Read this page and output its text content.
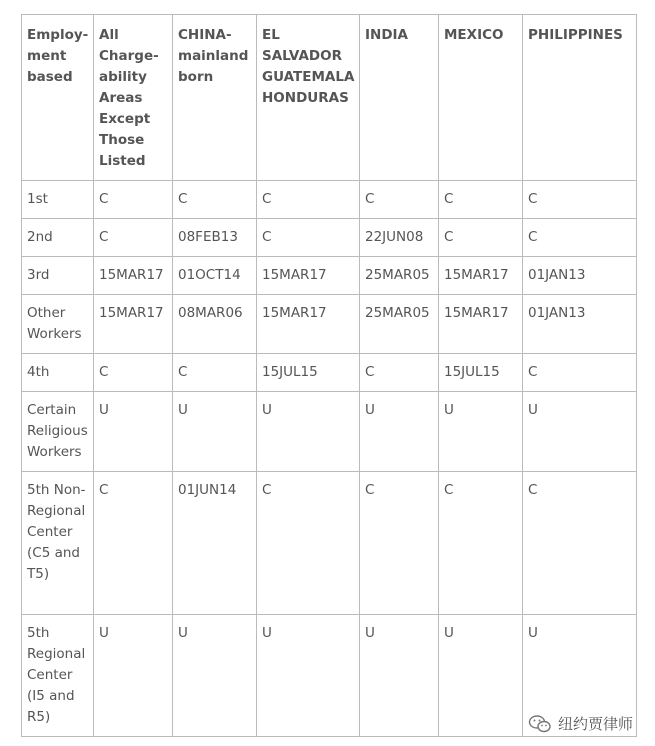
Employ-ment based	All Charge-ability Areas Except Those Listed	CHINA-mainland born	EL SALVADOR GUATEMALA HONDURAS	INDIA	MEXICO	PHILIPPINES
1st	C	C	C	C	C	C
2nd	C	08FEB13	C	22JUN08	C	C
3rd	15MAR17	01OCT14	15MAR17	25MAR05	15MAR17	01JAN13
Other Workers	15MAR17	08MAR06	15MAR17	25MAR05	15MAR17	01JAN13
4th	C	C	15JUL15	C	15JUL15	C
Certain Religious Workers	U	U	U	U	U	U
5th Non-Regional Center (C5 and T5)	C	01JUN14	C	C	C	C
5th Regional Center (I5 and R5)	U	U	U	U	U	U
纽约贾律师
